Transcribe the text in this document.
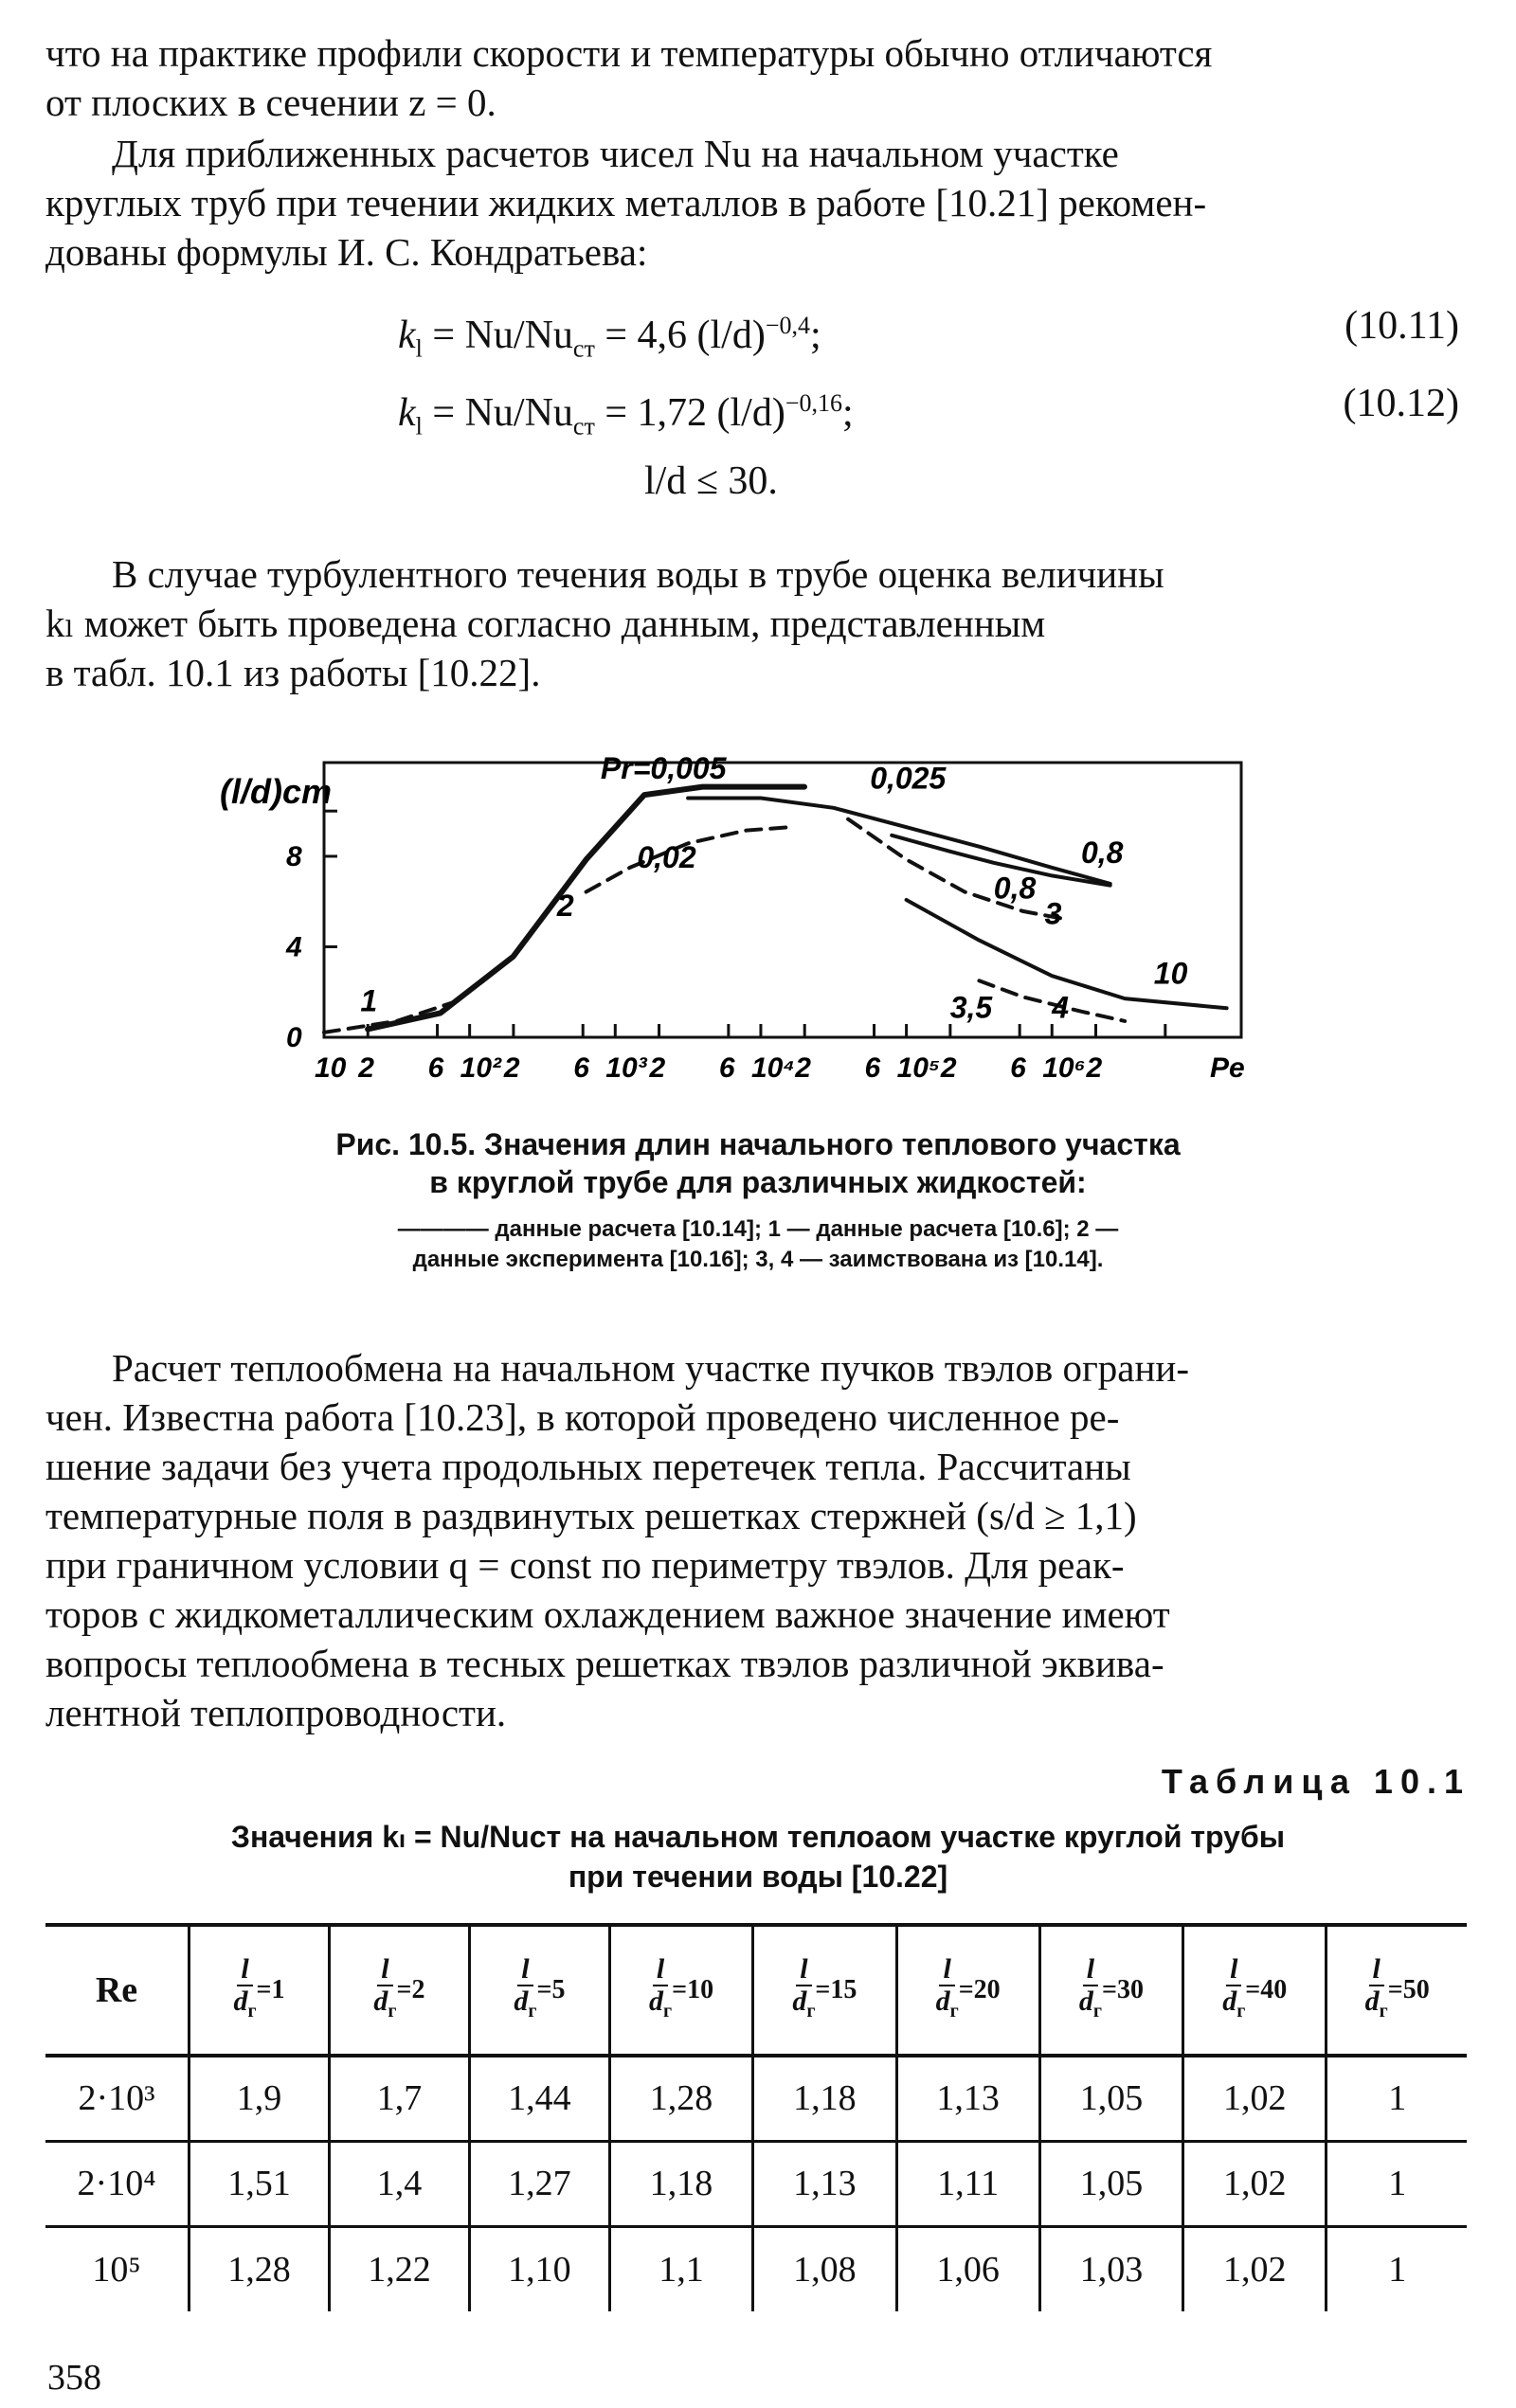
что на практике профили скорости и температуры обычно отличаются
от плоских в сечении z = 0.
Для приближенных расчетов чисел Nu на начальном участке
круглых труб при течении жидких металлов в работе [10.21] рекомен-
дованы формулы И. С. Кондратьева:
$k_l = Nu/Nu_{ст} = 4,6$ $(l/d)^{-0,4}$;	(10.11)
$k_l = Nu/Nu_{ст} = 1,72$ $(l/d)^{-0,16}$;	(10.12)
l/d ≤ 30.
В случае турбулентного течения воды в трубе оценка величины
kₗ может быть проведена согласно данным, представленным
в табл. 10.1 из работы [10.22].
(l/d)ст
10 2 6 10² 2 6 10³ 2 6 10⁴ 2 6 10⁵ 2 6 10⁶ 2	Pe
0
4
8
Pr=0,005	0,025
0,02
2
1
0,8
0,8
3
10
3,5 4
Рис. 10.5. Значения длин начального теплового участка
в круглой трубе для различных жидкостей:
———— данные расчета [10.14]; 1 — данные расчета [10.6]; 2 —
данные эксперимента [10.16]; 3, 4 — заимствована из [10.14].
Расчет теплообмена на начальном участке пучков твэлов ограни-
чен. Известна работа [10.23], в которой проведено численное ре-
шение задачи без учета продольных перетечек тепла. Рассчитаны
температурные поля в раздвинутых решетках стержней (s/d ≥ 1,1)
при граничном условии q = const по периметру твэлов. Для реак-
торов с жидкометаллическим охлаждением важное значение имеют
вопросы теплообмена в тесных решетках твэлов различной эквива-
лентной теплопроводности.
Таблица 10.1
Значения kₗ = Nu/Nuст на начальном теплоаом участке круглой трубы
при течении воды [10.22]
Re	$\frac{l}{d_г} =1$	$\frac{l}{d_г} =2$	$\frac{l}{d_г} =5$	$\frac{l}{d_г} =10$	$\frac{l}{d_г} =15$	$\frac{l}{d_г} =20$	$\frac{l}{d_г} =30$	$\frac{l}{d_г} =40$	$\frac{l}{d_г} =50$
2·10³	1,9	1,7	1,44	1,28	1,18	1,13	1,05	1,02	1
2·10⁴	1,51	1,4	1,27	1,18	1,13	1,11	1,05	1,02	1
10⁵	1,28	1,22	1,10	1,1	1,08	1,06	1,03	1,02	1
358
